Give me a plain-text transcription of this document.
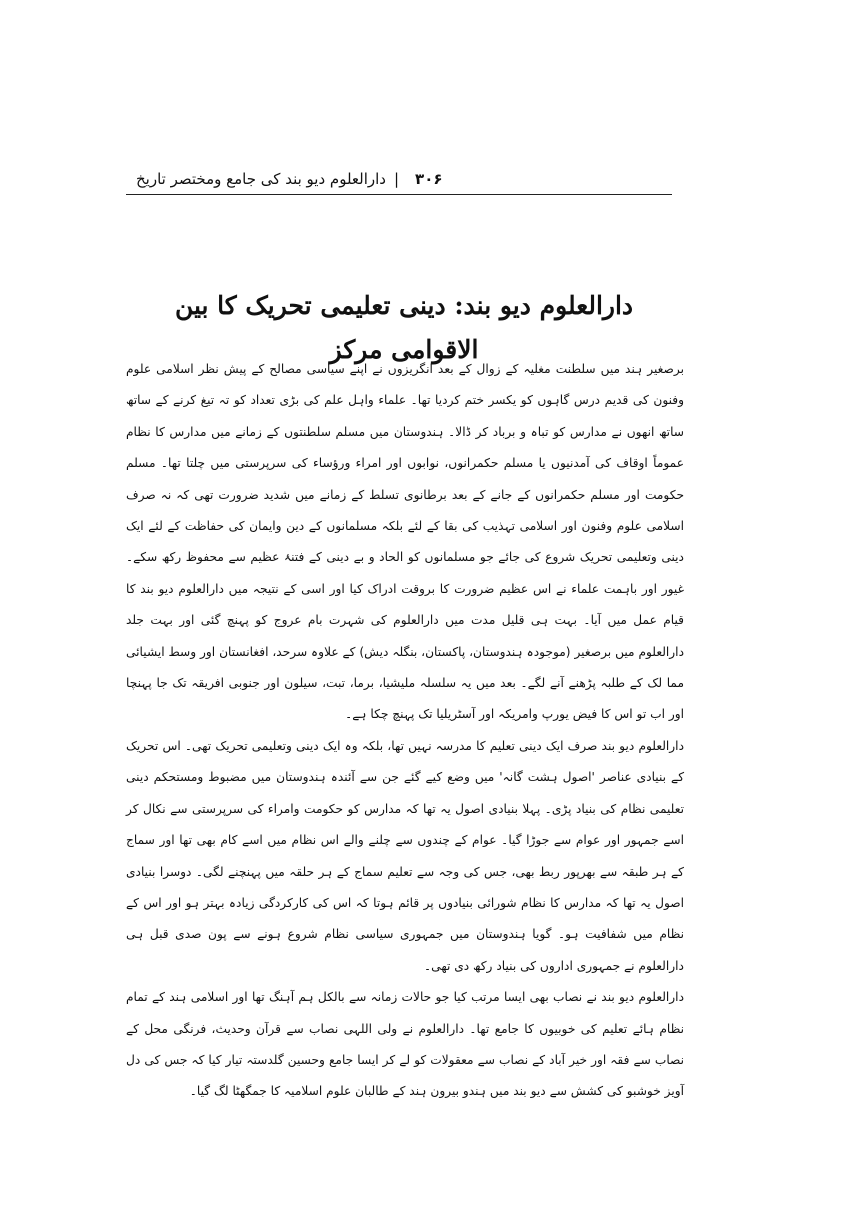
۳۰۶
|
دارالعلوم دیو بند کی جامع ومختصر تاریخ
دارالعلوم دیو بند: دینی تعلیمی تحریک کا بین الاقوامی مرکز

برصغیر ہند میں سلطنت مغلیہ کے زوال کے بعد انگریزوں نے اپنے سیاسی مصالح کے پیش نظر اسلامی علوم وفنون کی قدیم درس گاہوں کو یکسر ختم کردیا تھا۔ علماء واہل علم کی بڑی تعداد کو تہ تیغ کرنے کے ساتھ ساتھ انھوں نے مدارس کو تباہ و برباد کر ڈالا۔ ہندوستان میں مسلم سلطنتوں کے زمانے میں مدارس کا نظام عموماً اوقاف کی آمدنیوں یا مسلم حکمرانوں، نوابوں اور امراء ورؤساء کی سرپرستی میں چلتا تھا۔ مسلم حکومت اور مسلم حکمرانوں کے جانے کے بعد برطانوی تسلط کے زمانے میں شدید ضرورت تھی کہ نہ صرف اسلامی علوم وفنون اور اسلامی تہذیب کی بقا کے لئے بلکہ مسلمانوں کے دین وایمان کی حفاظت کے لئے ایک دینی وتعلیمی تحریک شروع کی جائے جو مسلمانوں کو الحاد و بے دینی کے فتنۂ عظیم سے محفوظ رکھ سکے۔ غیور اور باہمت علماء نے اس عظیم ضرورت کا بروقت ادراک کیا اور اسی کے نتیجہ میں دارالعلوم دیو بند کا قیام عمل میں آیا۔ بہت ہی قلیل مدت میں دارالعلوم کی شہرت بام عروج کو پہنچ گئی اور بہت جلد دارالعلوم میں برصغیر (موجودہ ہندوستان، پاکستان، بنگلہ دیش) کے علاوہ سرحد، افغانستان اور وسط ایشیائی مما لک کے طلبہ پڑھنے آنے لگے۔ بعد میں یہ سلسلہ ملیشیا، برما، تبت، سیلون اور جنوبی افریقہ تک جا پہنچا اور اب تو اس کا فیض یورپ وامریکہ اور آسٹریلیا تک پہنچ چکا ہے۔

دارالعلوم دیو بند صرف ایک دینی تعلیم کا مدرسہ نہیں تھا، بلکہ وہ ایک دینی وتعلیمی تحریک تھی۔ اس تحریک کے بنیادی عناصر 'اصول ہشت گانہ' میں وضع کیے گئے جن سے آئندہ ہندوستان میں مضبوط ومستحکم دینی تعلیمی نظام کی بنیاد پڑی۔ پہلا بنیادی اصول یہ تھا کہ مدارس کو حکومت وامراء کی سرپرستی سے نکال کر اسے جمہور اور عوام سے جوڑا گیا۔ عوام کے چندوں سے چلنے والے اس نظام میں اسے کام بھی تھا اور سماج کے ہر طبقہ سے بھرپور ربط بھی، جس کی وجہ سے تعلیم سماج کے ہر حلقہ میں پہنچنے لگی۔ دوسرا بنیادی اصول یہ تھا کہ مدارس کا نظام شورائی بنیادوں پر قائم ہوتا کہ اس کی کارکردگی زیادہ بہتر ہو اور اس کے نظام میں شفافیت ہو۔ گویا ہندوستان میں جمہوری سیاسی نظام شروع ہونے سے پون صدی قبل ہی دارالعلوم نے جمہوری اداروں کی بنیاد رکھ دی تھی۔

دارالعلوم دیو بند نے نصاب بھی ایسا مرتب کیا جو حالات زمانہ سے بالکل ہم آہنگ تھا اور اسلامی ہند کے تمام نظام ہائے تعلیم کی خوبیوں کا جامع تھا۔ دارالعلوم نے ولی اللہی نصاب سے قرآن وحدیث، فرنگی محل کے نصاب سے فقہ اور خیر آباد کے نصاب سے معقولات کو لے کر ایسا جامع وحسین گلدستہ تیار کیا کہ جس کی دل آویز خوشبو کی کشش سے دیو بند میں ہندو بیرون ہند کے طالبان علوم اسلامیہ کا جمگھٹا لگ گیا۔
